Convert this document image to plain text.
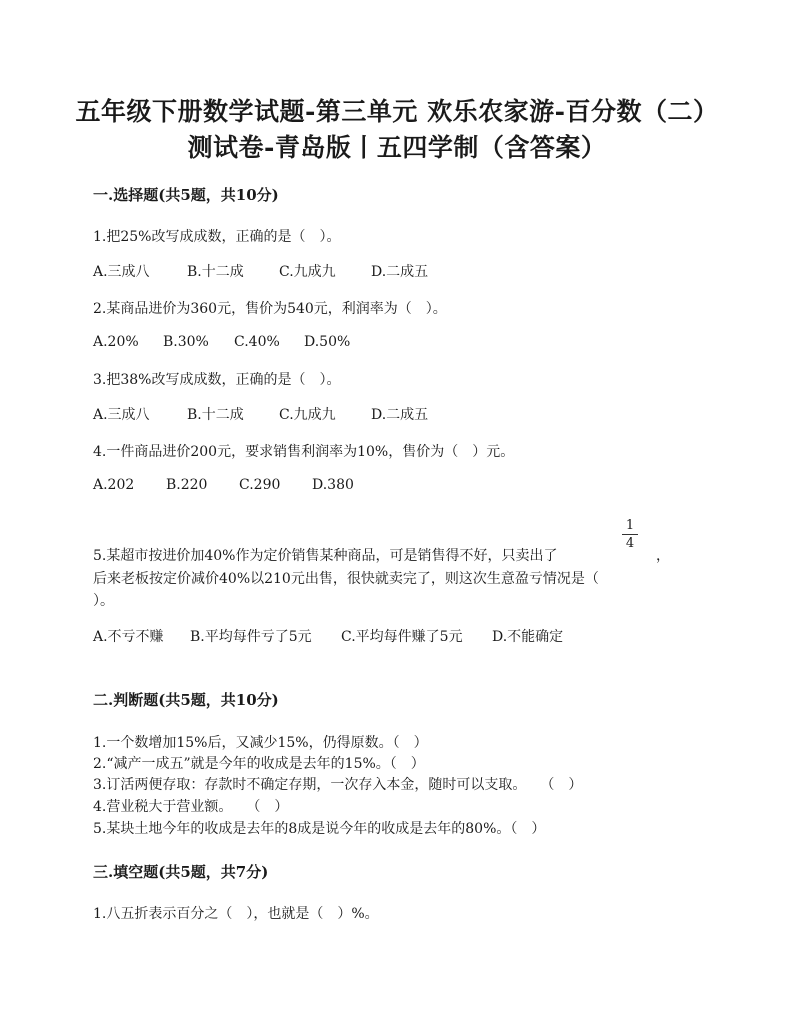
五年级下册数学试题-第三单元 欢乐农家游-百分数（二）
测试卷-青岛版丨五四学制（含答案）
一.选择题(共5题，共10分)
1.把25%改写成成数，正确的是（　）。
A.三成八	B.十二成	C.九成九	D.二成五
2.某商品进价为360元，售价为540元，利润率为（　）。
A.20% B.30% C.40% D.50%
3.把38%改写成成数，正确的是（　）。
A.三成八	B.十二成	C.九成九	D.二成五
4.一件商品进价200元，要求销售利润率为10%，售价为（　）元。
A.202 B.220 C.290 D.380
5.某超市按进价加40%作为定价销售某种商品，可是销售得不好，只卖出了
1
4
，
后来老板按定价减价40%以210元出售，很快就卖完了，则这次生意盈亏情况是（
）。
A.不亏不赚 B.平均每件亏了5元 C.平均每件赚了5元 D.不能确定
二.判断题(共5题，共10分)
1.一个数增加15%后，又减少15%，仍得原数。（　）
2.“减产一成五”就是今年的收成是去年的15%。（　）
3.订活两便存取：存款时不确定存期，一次存入本金，随时可以支取。　　（　）
4.营业税大于营业额。　　（　）
5.某块土地今年的收成是去年的8成是说今年的收成是去年的80%。（　）
三.填空题(共5题，共7分)
1.八五折表示百分之（　），也就是（　）%。
